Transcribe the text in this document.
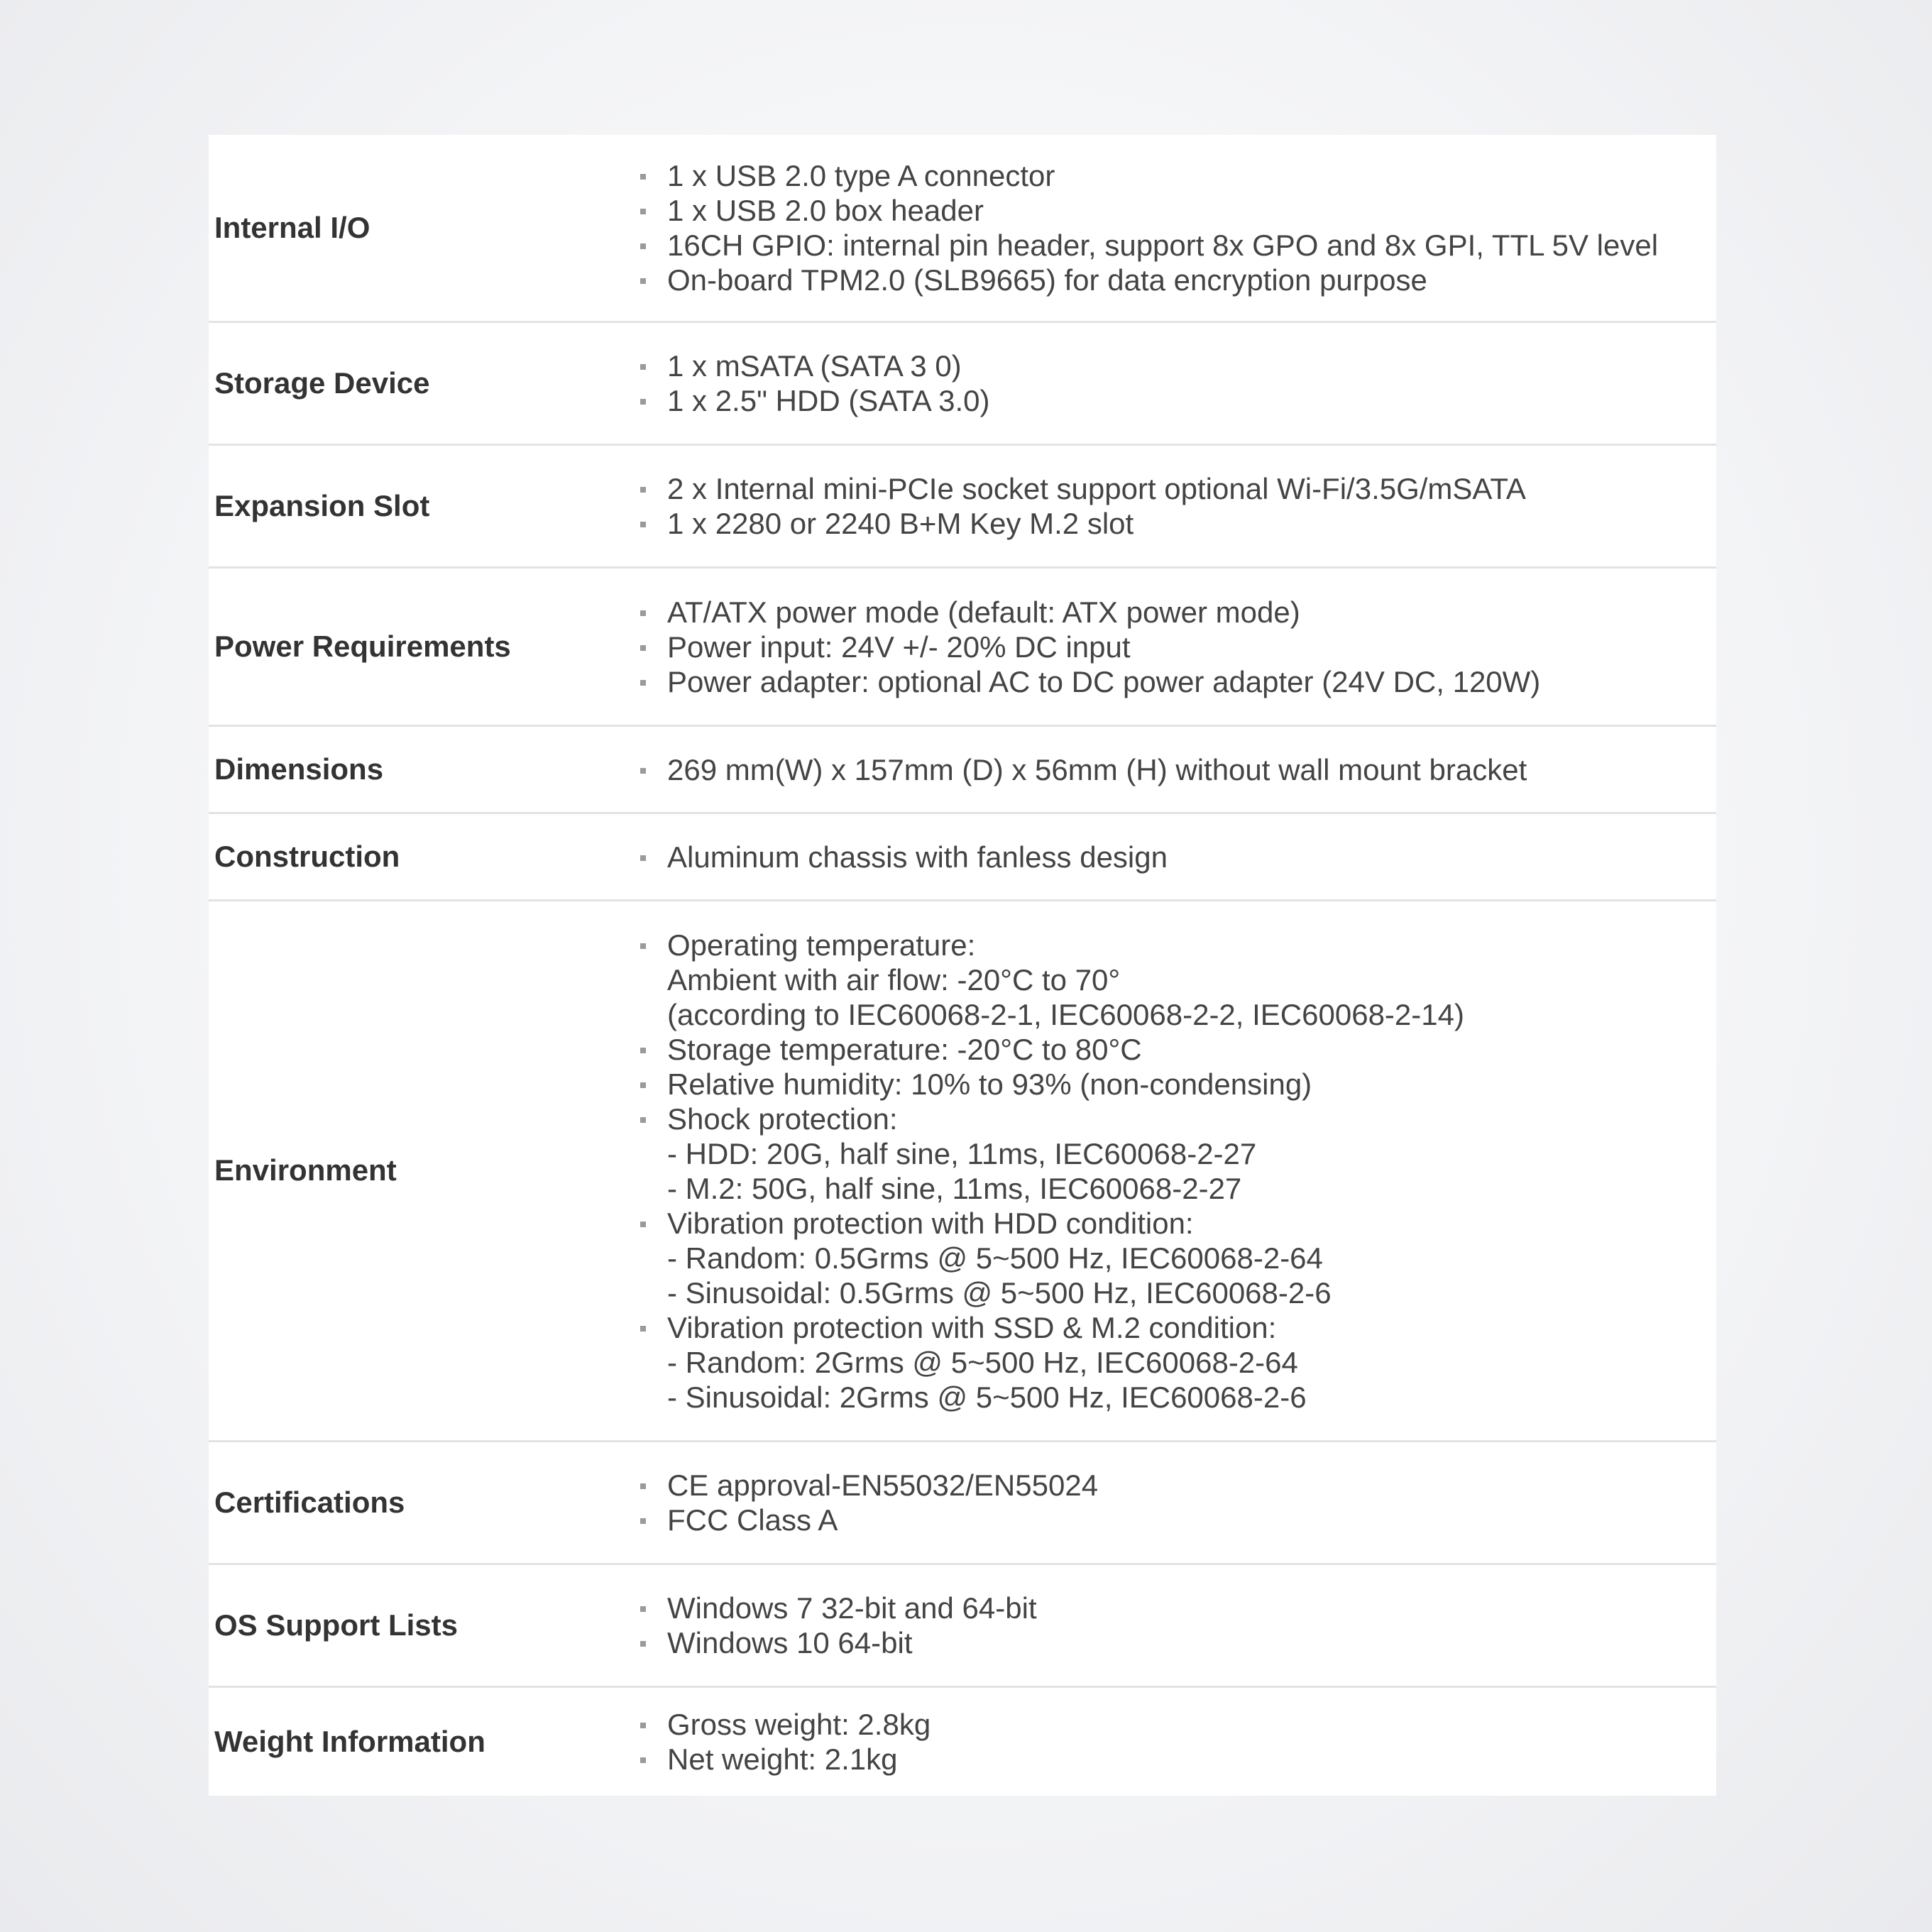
Internal I/O
1 x USB 2.0 type A connector
1 x USB 2.0 box header
16CH GPIO: internal pin header, support 8x GPO and 8x GPI, TTL 5V level
On-board TPM2.0 (SLB9665) for data encryption purpose
Storage Device
1 x mSATA (SATA 3 0)
1 x 2.5" HDD (SATA 3.0)
Expansion Slot
2 x Internal mini-PCIe socket support optional Wi-Fi/3.5G/mSATA
1 x 2280 or 2240 B+M Key M.2 slot
Power Requirements
AT/ATX power mode (default: ATX power mode)
Power input: 24V +/- 20% DC input
Power adapter: optional AC to DC power adapter (24V DC, 120W)
Dimensions	269 mm(W) x 157mm (D) x 56mm (H) without wall mount bracket
Construction	Aluminum chassis with fanless design
Environment
Operating temperature:
Ambient with air flow: -20°C to 70°
(according to IEC60068-2-1, IEC60068-2-2, IEC60068-2-14)
Storage temperature: -20°C to 80°C
Relative humidity: 10% to 93% (non-condensing)
Shock protection:
- HDD: 20G, half sine, 11ms, IEC60068-2-27
- M.2: 50G, half sine, 11ms, IEC60068-2-27
Vibration protection with HDD condition:
- Random: 0.5Grms @ 5~500 Hz, IEC60068-2-64
- Sinusoidal: 0.5Grms @ 5~500 Hz, IEC60068-2-6
Vibration protection with SSD & M.2 condition:
- Random: 2Grms @ 5~500 Hz, IEC60068-2-64
- Sinusoidal: 2Grms @ 5~500 Hz, IEC60068-2-6
Certifications
CE approval-EN55032/EN55024
FCC Class A
OS Support Lists
Windows 7 32-bit and 64-bit
Windows 10 64-bit
Weight Information
Gross weight: 2.8kg
Net weight: 2.1kg
